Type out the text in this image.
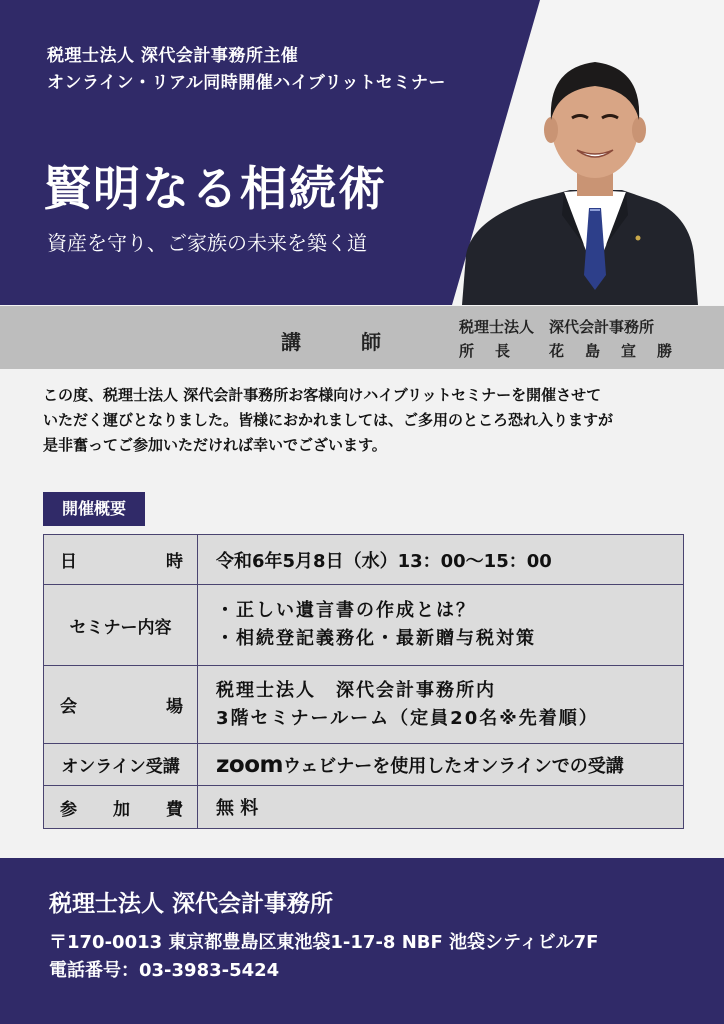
税理士法人 深代会計事務所主催
オンライン・リアル同時開催ハイブリットセミナー
賢明なる相続術
資産を守り、ご家族の未来を築く道
講師
税理士法人　深代会計事務所
所　長　　花　島　宣　勝

この度、税理士法人 深代会計事務所お客様向けハイブリットセミナーを開催させて

いただく運びとなりました。皆様におかれましては、ご多用のところ恐れ入りますが

是非奮ってご参加いただければ幸いでございます。

開催概要
日 時	令和6年5月8日（水）13：00～15：00
セミナー内容	・正しい遺言書の作成とは？
・相続登記義務化・最新贈与税対策

会 場	税理士法人　深代会計事務所内
3階セミナールーム（定員20名※先着順）

オンライン受講	zoomウェビナーを使用したオンラインでの受講

参 加 費	無 料
税理士法人 深代会計事務所
〒170-0013 東京都豊島区東池袋1-17-8 NBF 池袋シティビル7F
電話番号：03-3983-5424
